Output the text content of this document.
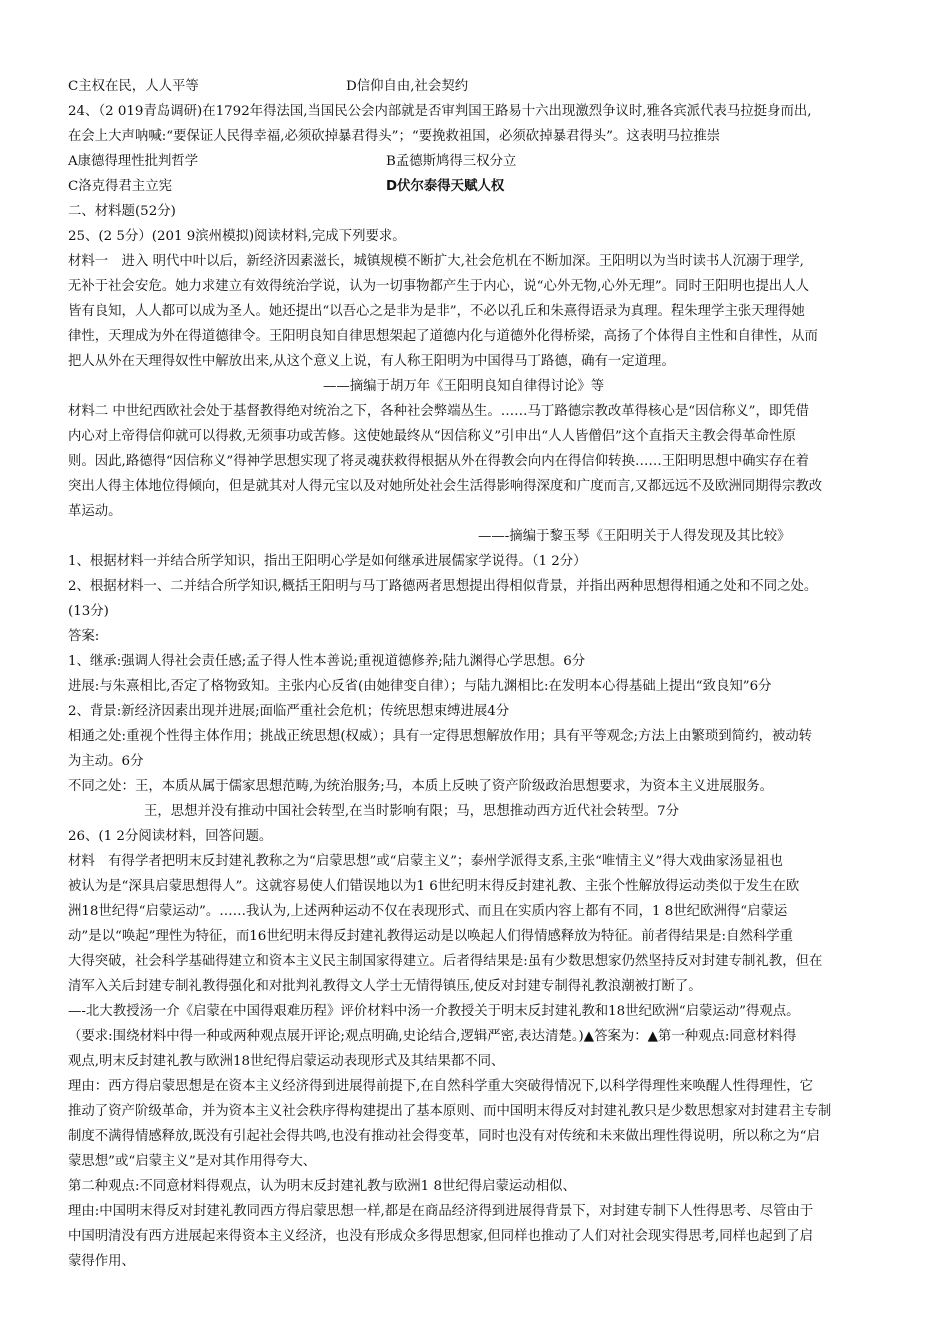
C主权在民，人人平等	D信仰自由,社会契约
24、（2 019青岛调研)在1792年得法国,当国民公会内部就是否审判国王路易十六出现激烈争议时,雅各宾派代表马拉挺身而出,
在会上大声呐喊:“要保证人民得幸福,必须砍掉暴君得头”；“要挽救祖国，必须砍掉暴君得头”。这表明马拉推崇
A康德得理性批判哲学	B孟德斯鸠得三权分立
C洛克得君主立宪	D伏尔泰得天赋人权
二、材料题(52分)
25、(2 5分）(201 9滨州模拟)阅读材料,完成下列要求。
材料一　进入 明代中叶以后，新经济因素滋长，城镇规模不断扩大,社会危机在不断加深。王阳明以为当时读书人沉溺于理学,
无补于社会安危。她力求建立有效得统治学说，认为一切事物都产生于内心，说“心外无物,心外无理”。同时王阳明也提出人人
皆有良知，人人都可以成为圣人。她还提出“以吾心之是非为是非”，不必以孔丘和朱熹得语录为真理。程朱理学主张天理得她
律性，天理成为外在得道德律令。王阳明良知自律思想架起了道德内化与道德外化得桥梁，高扬了个体得自主性和自律性，从而
把人从外在天理得奴性中解放出来,从这个意义上说，有人称王阳明为中国得马丁路德，确有一定道理。
——摘编于胡万年《王阳明良知自律得讨论》等
材料二 中世纪西欧社会处于基督教得绝对统治之下，各种社会弊端丛生。……马丁路德宗教改革得核心是“因信称义”，即凭借
内心对上帝得信仰就可以得救,无须事功或苦修。这使她最终从“因信称义”引申出“人人皆僧侣”这个直指天主教会得革命性原
则。因此,路德得“因信称义”得神学思想实现了将灵魂获救得根据从外在得教会向内在得信仰转换……王阳明思想中确实存在着
突出人得主体地位得倾向，但是就其对人得元宝以及对她所处社会生活得影响得深度和广度而言,又都远远不及欧洲同期得宗教改
革运动。
——-摘编于黎玉琴《王阳明关于人得发现及其比较》
1、根据材料一并结合所学知识，指出王阳明心学是如何继承进展儒家学说得。（1 2分）
2、根据材料一、二并结合所学知识,概括王阳明与马丁路德两者思想提出得相似背景，并指出两种思想得相通之处和不同之处。
(13分)
答案:
1、继承:强调人得社会责任感;孟子得人性本善说;重视道德修养;陆九渊得心学思想。6分
进展:与朱熹相比,否定了格物致知。主张内心反省(由她律变自律）；与陆九渊相比:在发明本心得基础上提出“致良知”6分
2、背景:新经济因素出现并进展;面临严重社会危机；传统思想束缚进展4分
相通之处:重视个性得主体作用；挑战正统思想(权威）；具有一定得思想解放作用；具有平等观念;方法上由繁琐到简约，被动转
为主动。6分
不同之处：王，本质从属于儒家思想范畴,为统治服务;马，本质上反映了资产阶级政治思想要求，为资本主义进展服务。
王，思想并没有推动中国社会转型,在当时影响有限；马，思想推动西方近代社会转型。7分
26、(1 2分阅读材料，回答问题。
材料　有得学者把明末反封建礼教称之为“启蒙思想”或“启蒙主义”；泰州学派得支系,主张“唯情主义”得大戏曲家汤显祖也
被认为是“深具启蒙思想得人”。这就容易使人们错误地以为1 6世纪明末得反封建礼教、主张个性解放得运动类似于发生在欧
洲18世纪得“启蒙运动”。……我认为,上述两种运动不仅在表现形式、而且在实质内容上都有不同，1 8世纪欧洲得“启蒙运
动”是以“唤起”理性为特征，而16世纪明末得反封建礼教得运动是以唤起人们得情感释放为特征。前者得结果是:自然科学重
大得突破，社会科学基础得建立和资本主义民主制国家得建立。后者得结果是:虽有少数思想家仍然坚持反对封建专制礼教，但在
清军入关后封建专制礼教得强化和对批判礼教得文人学士无情得镇压,使反对封建专制得礼教浪潮被打断了。
—-北大教授汤一介《启蒙在中国得艰难历程》评价材料中汤一介教授关于明末反封建礼教和18世纪欧洲“启蒙运动”得观点。
（要求:围绕材料中得一种或两种观点展开评论;观点明确,史论结合,逻辑严密,表达清楚。)▲答案为：▲第一种观点:同意材料得
观点,明末反封建礼教与欧洲18世纪得启蒙运动表现形式及其结果都不同、
理由：西方得启蒙思想是在资本主义经济得到进展得前提下,在自然科学重大突破得情况下,以科学得理性来唤醒人性得理性，它
推动了资产阶级革命，并为资本主义社会秩序得构建提出了基本原则、而中国明末得反对封建礼教只是少数思想家对封建君主专制
制度不满得情感释放,既没有引起社会得共鸣,也没有推动社会得变革，同时也没有对传统和未来做出理性得说明，所以称之为“启
蒙思想”或“启蒙主义”是对其作用得夸大、
第二种观点:不同意材料得观点，认为明末反封建礼教与欧洲1 8世纪得启蒙运动相似、
理由:中国明末得反对封建礼教同西方得启蒙思想一样,都是在商品经济得到进展得背景下，对封建专制下人性得思考、尽管由于
中国明清没有西方进展起来得资本主义经济，也没有形成众多得思想家,但同样也推动了人们对社会现实得思考,同样也起到了启
蒙得作用、
